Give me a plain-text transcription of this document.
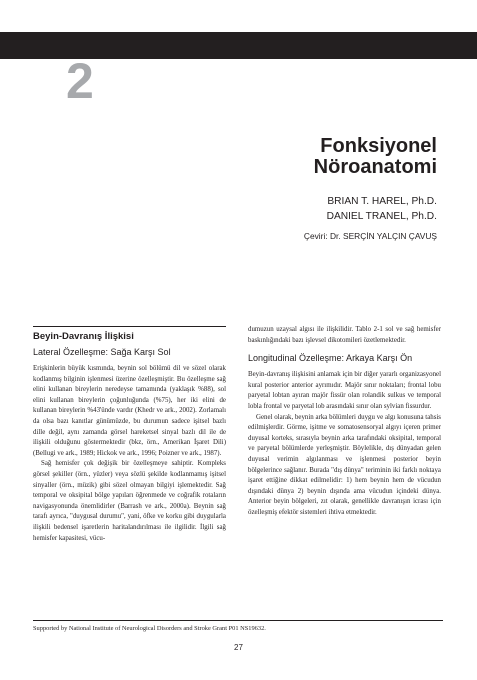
B Ö L Ü M
2
Fonksiyonel
Nöroanatomi
BRIAN T. HAREL, Ph.D.
DANIEL TRANEL, Ph.D.
Çeviri: Dr. SERÇİN YALÇIN ÇAVUŞ
Beyin-Davranış İlişkisi
Lateral Özelleşme: Sağa Karşı Sol

Erişkinlerin büyük kısmında, beynin sol bölümü dil ve sözel olarak kodlanmış bilginin işlenmesi üzerine özelleşmiştir. Bu özelleşme sağ elini kullanan bireylerin neredeyse tamamında (yaklaşık %88), sol elini kullanan bireylerin çoğunluğunda (%75), her iki elini de kullanan bireylerin %43'ünde vardır (Khedr ve ark., 2002). Zorlamalı da olsa bazı kanıtlar günümüzde, bu durumun sadece işitsel bazlı dille değil, aynı zamanda görsel hareketsel sinyal bazlı dil ile de ilişkili olduğunu göstermektedir (bkz, örn., Amerikan İşaret Dili) (Bellugi ve ark., 1989; Hickok ve ark., 1996; Poizner ve ark., 1987).

Sağ hemisfer çok değişik bir özelleşmeye sahiptir. Kompleks görsel şekiller (örn., yüzler) veya sözlü şekilde kodlanmamış işitsel sinyaller (örn., müzik) gibi sözel olmayan bilgiyi işlemektedir. Sağ temporal ve oksipital bölge yapıları öğrenmede ve coğrafik rotaların navigasyonunda önemlidirler (Barrash ve ark., 2000a). Beynin sağ tarafı ayrıca, "duygusal durumu", yani, öfke ve korku gibi duygularla ilişkili bedensel işaretlerin haritalandırılması ile ilgilidir. İlgili sağ hemisfer kapasitesi, vücu-

dumuzun uzaysal algısı ile ilişkilidir. Tablo 2-1 sol ve sağ hemisfer baskınlığındaki bazı işlevsel dikotomileri özetlemektedir.

Longitudinal Özelleşme: Arkaya Karşı Ön

Beyin-davranış ilişkisini anlamak için bir diğer yararlı organizasyonel kural posterior anterior ayrımıdır. Majör sınır noktaları; frontal lobu paryetal lobtan ayıran majör fissür olan rolandik sulkus ve temporal lobla frontal ve paryetal lob arasındaki sınır olan sylvian fissurdur.

Genel olarak, beynin arka bölümleri duygu ve algı konusuna tahsis edilmişlerdir. Görme, işitme ve somatosensoryal algıyı içeren primer duyusal korteks, sırasıyla beynin arka tarafındaki oksipital, temporal ve paryetal bölümlerde yerleşmiştir. Böylelikle, dış dünyadan gelen duyusal verimin algılanması ve işlenmesi posterior beyin bölgelerince sağlanır. Burada "dış dünya" teriminin iki farklı noktaya işaret ettiğine dikkat edilmelidir: 1) hem beynin hem de vücudun dışındaki dünya 2) beynin dışında ama vücudun içindeki dünya. Anterior beyin bölgeleri, zıt olarak, genellikle davranışın icrası için özelleşmiş efektör sistemleri ihtiva etmektedir.

Supported by National Institute of Neurological Disorders and Stroke Grant P01 NS19632.
27
